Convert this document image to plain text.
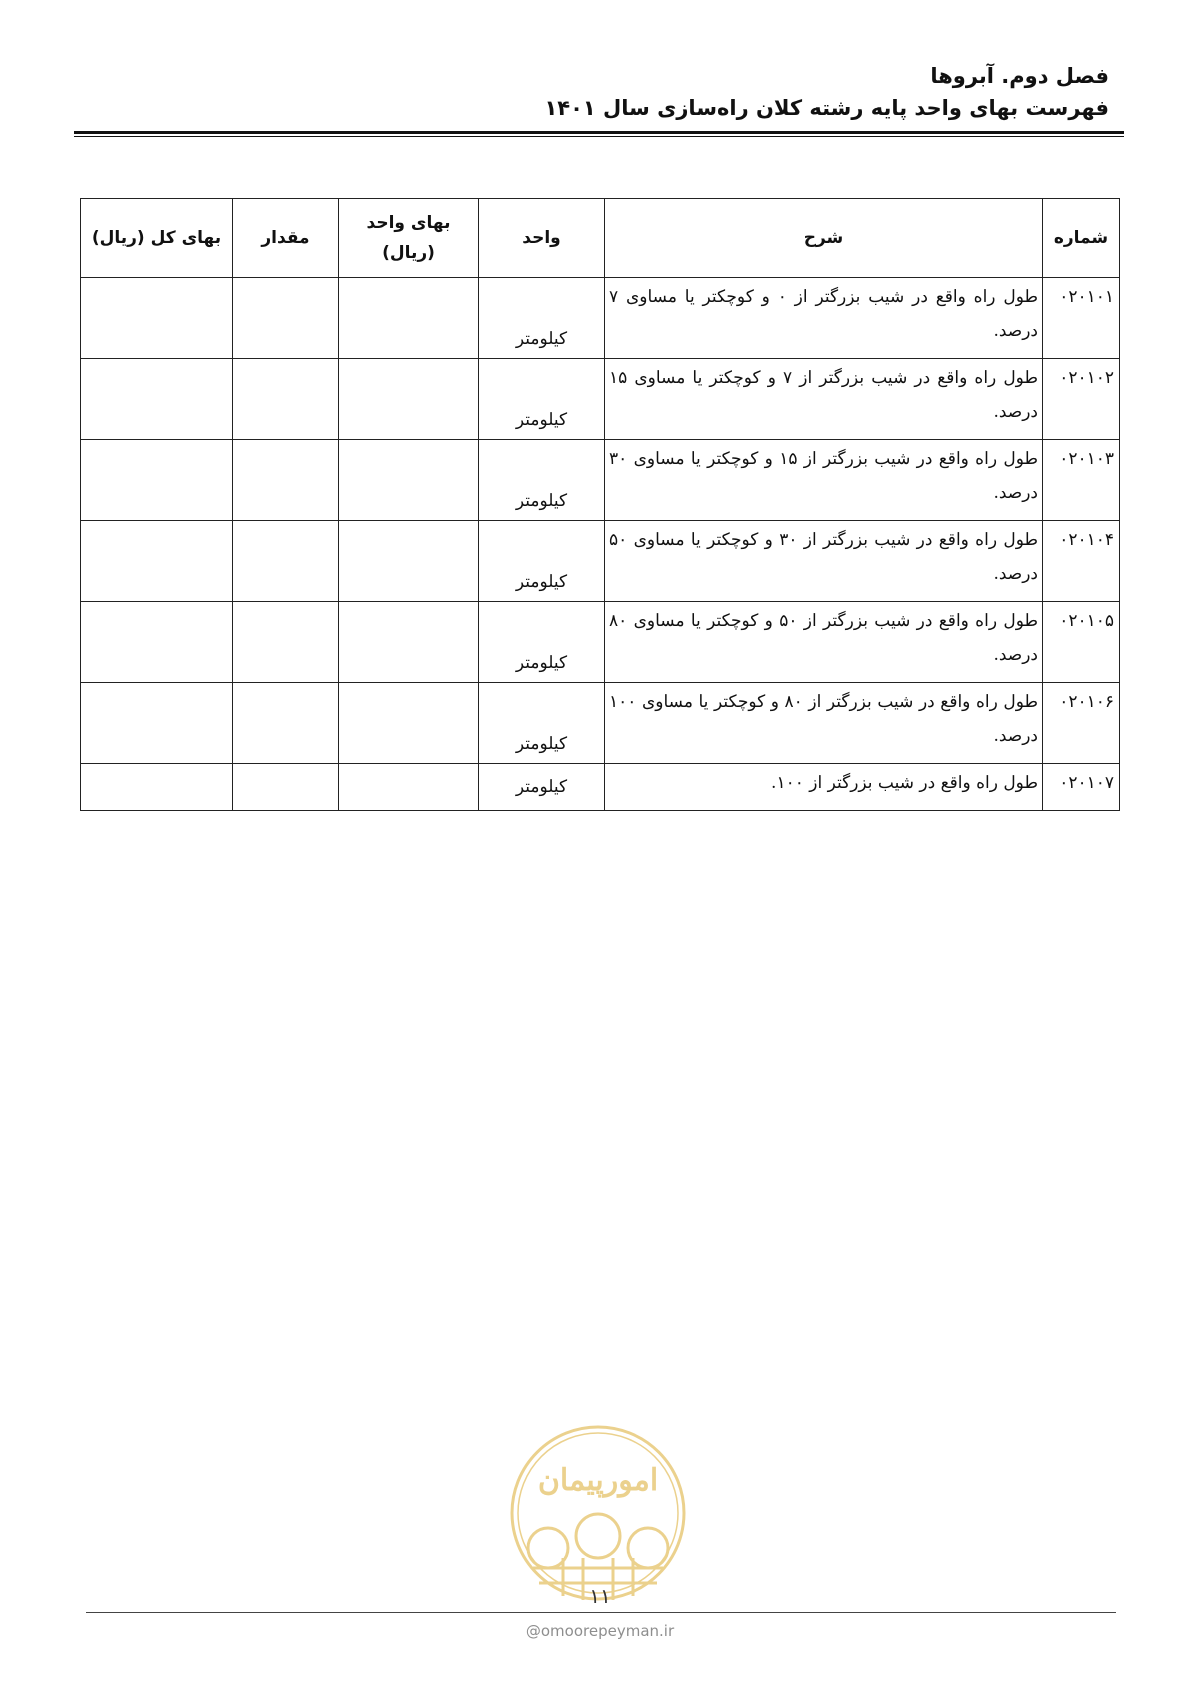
فصل دوم. آبروها
فهرست بهای واحد پایه رشته کلان راه‌سازی سال ۱۴۰۱
شماره	شرح	واحد	بهای واحد (ریال)	مقدار	بهای کل (ریال)
۰۲۰۱۰۱	طول راه واقع در شیب بزرگتر از ۰ و کوچکتر یا مساوی ۷ درصد.	کیلومتر			
۰۲۰۱۰۲	طول راه واقع در شیب بزرگتر از ۷ و کوچکتر یا مساوی ۱۵ درصد.	کیلومتر			
۰۲۰۱۰۳	طول راه واقع در شیب بزرگتر از ۱۵ و کوچکتر یا مساوی ۳۰ درصد.	کیلومتر			
۰۲۰۱۰۴	طول راه واقع در شیب بزرگتر از ۳۰ و کوچکتر یا مساوی ۵۰ درصد.	کیلومتر			
۰۲۰۱۰۵	طول راه واقع در شیب بزرگتر از ۵۰ و کوچکتر یا مساوی ۸۰ درصد.	کیلومتر			
۰۲۰۱۰۶	طول راه واقع در شیب بزرگتر از ۸۰ و کوچکتر یا مساوی ۱۰۰ درصد.	کیلومتر			
۰۲۰۱۰۷	طول راه واقع در شیب بزرگتر از ۱۰۰.	کیلومتر			
امورپیمان
۱۱
@omoorepeyman.ir
